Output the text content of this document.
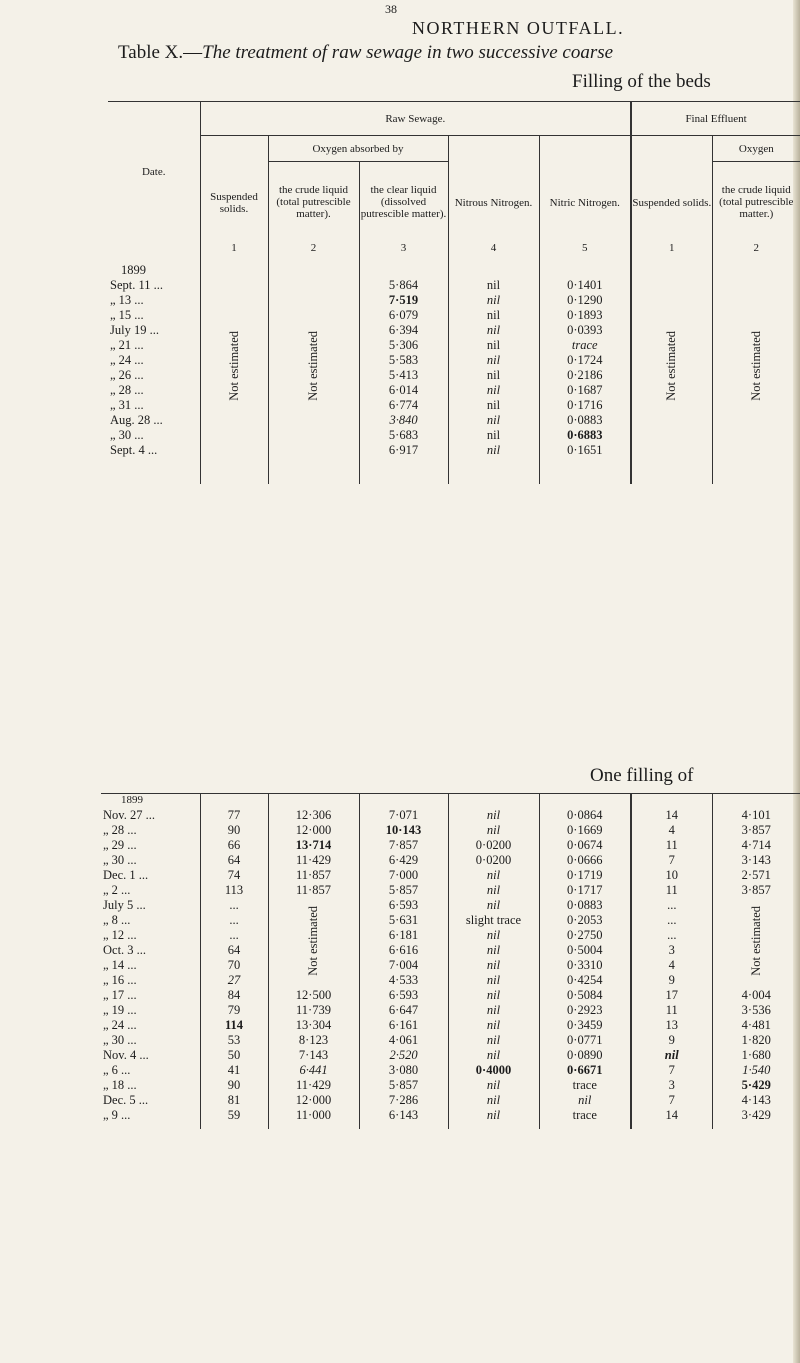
38
NORTHERN OUTFALL.
Table X.—The treatment of raw sewage in two successive coarse
Filling of the beds
Date.	Raw Sewage.					Final Effluent	
	Suspended solids.	Oxygen absorbed by		Nitrous Nitrogen.	Nitric Nitrogen.	Suspended solids.	Oxygen
		the crude liquid (total putrescible matter).	the clear liquid (dissolved putrescible matter).				the crude liquid (total putrescible matter.)
	1	2	3	4	5	1	2
1899							
Sept. 11 ...	Not estimated	Not estimated	5·864	nil	0·1401	Not estimated	Not estimated
„ 13 ...			7·519	nil	0·1290		
„ 15 ...			6·079	nil	0·1893		
July 19 ...			6·394	nil	0·0393		
„ 21 ...			5·306	nil	trace		
„ 24 ...			5·583	nil	0·1724		
„ 26 ...			5·413	nil	0·2186		
„ 28 ...			6·014	nil	0·1687		
„ 31 ...			6·774	nil	0·1716		
Aug. 28 ...			3·840	nil	0·0883		
„ 30 ...			5·683	nil	0·6883		
Sept. 4 ...			6·917	nil	0·1651		

One filling of
1899							
Nov. 27 ...	77	12·306	7·071	nil	0·0864	14	4·101
„ 28 ...	90	12·000	10·143	nil	0·1669	4	3·857
„ 29 ...	66	13·714	7·857	0·0200	0·0674	11	4·714
„ 30 ...	64	11·429	6·429	0·0200	0·0666	7	3·143
Dec. 1 ...	74	11·857	7·000	nil	0·1719	10	2·571
„ 2 ...	113	11·857	5·857	nil	0·1717	11	3·857
July 5 ...	...	Not estimated	6·593	nil	0·0883	...	Not estimated
„ 8 ...	...		5·631	slight trace	0·2053	...	
„ 12 ...	...		6·181	nil	0·2750	...	
Oct. 3 ...	64		6·616	nil	0·5004	3	
„ 14 ...	70		7·004	nil	0·3310	4	
„ 16 ...	27		4·533	nil	0·4254	9	
„ 17 ...	84	12·500	6·593	nil	0·5084	17	4·004
„ 19 ...	79	11·739	6·647	nil	0·2923	11	3·536
„ 24 ...	114	13·304	6·161	nil	0·3459	13	4·481
„ 30 ...	53	8·123	4·061	nil	0·0771	9	1·820
Nov. 4 ...	50	7·143	2·520	nil	0·0890	nil	1·680
„ 6 ...	41	6·441	3·080	0·4000	0·6671	7	1·540
„ 18 ...	90	11·429	5·857	nil	trace	3	5·429
Dec. 5 ...	81	12·000	7·286	nil	nil	7	4·143
„ 9 ...	59	11·000	6·143	nil	trace	14	3·429
